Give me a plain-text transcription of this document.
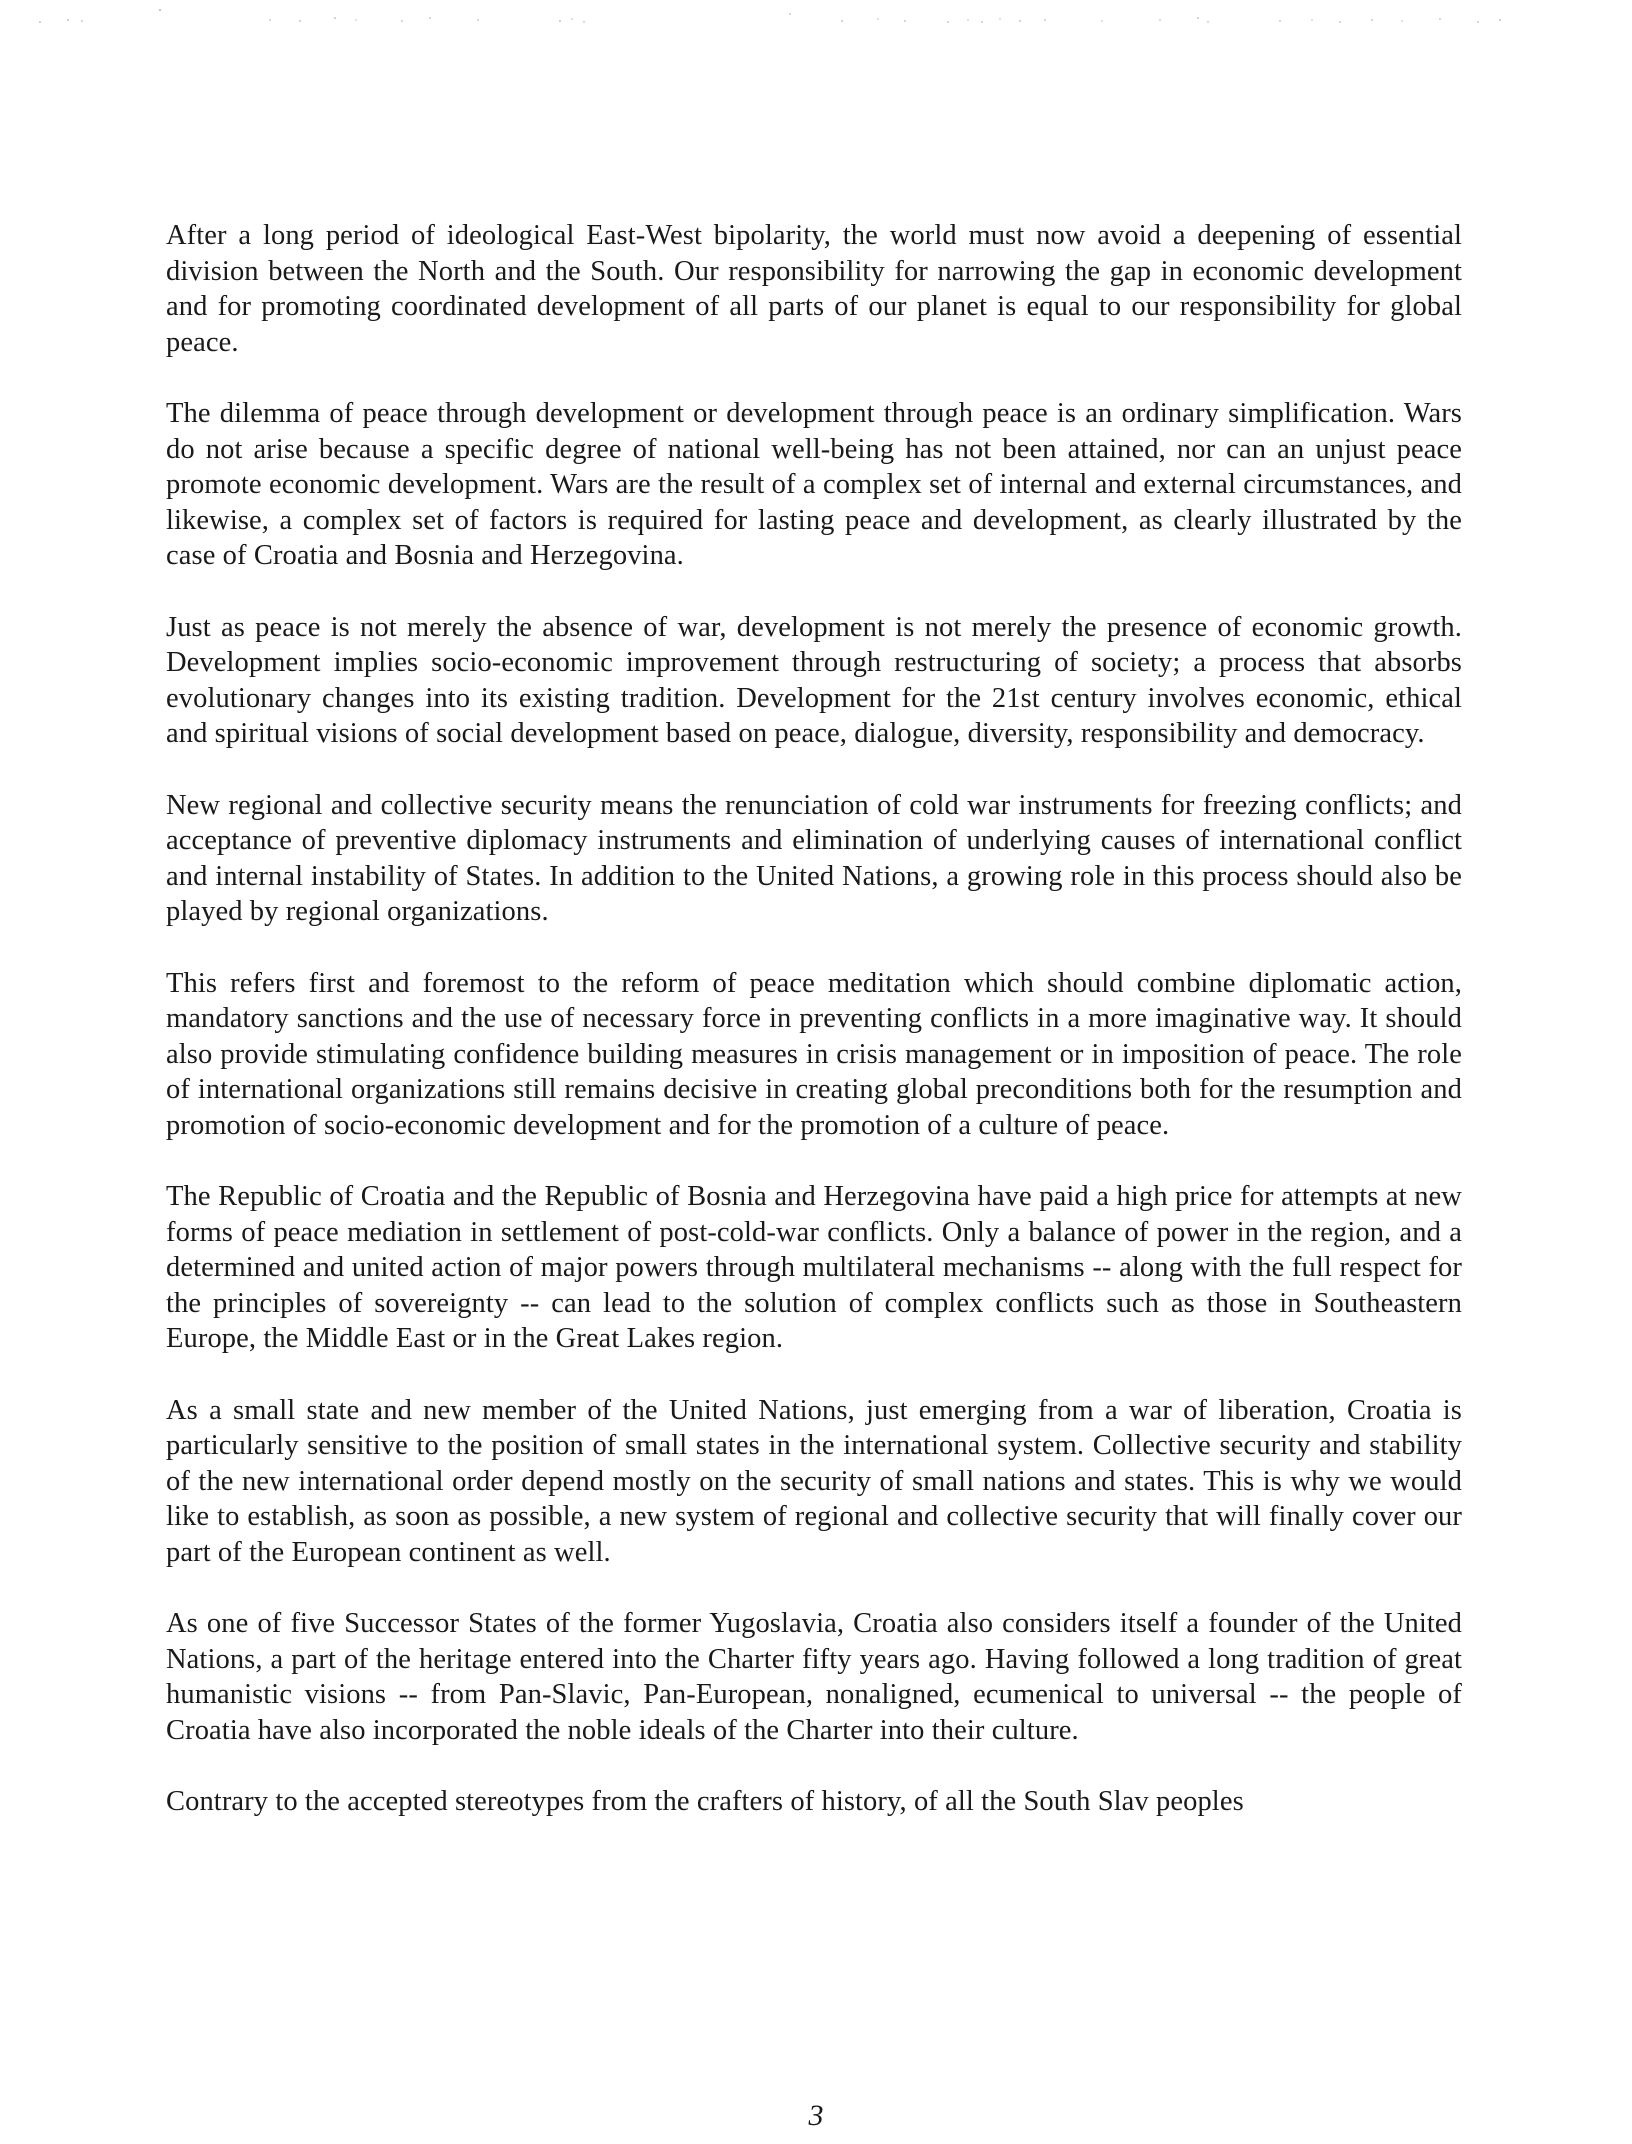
After a long period of ideological East-West bipolarity, the world must now avoid a deepening of essential division between the North and the South. Our responsibility for narrowing the gap in economic development and for promoting coordinated development of all parts of our planet is equal to our responsibility for global peace.

The dilemma of peace through development or development through peace is an ordinary simplification. Wars do not arise because a specific degree of national well-being has not been attained, nor can an unjust peace promote economic development. Wars are the result of a complex set of internal and external circumstances, and likewise, a complex set of factors is required for lasting peace and development, as clearly illustrated by the case of Croatia and Bosnia and Herzegovina.

Just as peace is not merely the absence of war, development is not merely the presence of economic growth. Development implies socio-economic improvement through restructuring of society; a process that absorbs evolutionary changes into its existing tradition. Development for the 21st century involves economic, ethical and spiritual visions of social development based on peace, dialogue, diversity, responsibility and democracy.

New regional and collective security means the renunciation of cold war instruments for freezing conflicts; and acceptance of preventive diplomacy instruments and elimination of underlying causes of international conflict and internal instability of States. In addition to the United Nations, a growing role in this process should also be played by regional organizations.

This refers first and foremost to the reform of peace meditation which should combine diplomatic action, mandatory sanctions and the use of necessary force in preventing conflicts in a more imaginative way. It should also provide stimulating confidence building measures in crisis management or in imposition of peace. The role of international organizations still remains decisive in creating global preconditions both for the resumption and promotion of socio-economic development and for the promotion of a culture of peace.

The Republic of Croatia and the Republic of Bosnia and Herzegovina have paid a high price for attempts at new forms of peace mediation in settlement of post-cold-war conflicts. Only a balance of power in the region, and a determined and united action of major powers through multilateral mechanisms -- along with the full respect for the principles of sovereignty -- can lead to the solution of complex conflicts such as those in Southeastern Europe, the Middle East or in the Great Lakes region.

As a small state and new member of the United Nations, just emerging from a war of liberation, Croatia is particularly sensitive to the position of small states in the international system. Collective security and stability of the new international order depend mostly on the security of small nations and states. This is why we would like to establish, as soon as possible, a new system of regional and collective security that will finally cover our part of the European continent as well.

As one of five Successor States of the former Yugoslavia, Croatia also considers itself a founder of the United Nations, a part of the heritage entered into the Charter fifty years ago. Having followed a long tradition of great humanistic visions -- from Pan-Slavic, Pan-European, nonaligned, ecumenical to universal -- the people of Croatia have also incorporated the noble ideals of the Charter into their culture.

Contrary to the accepted stereotypes from the crafters of history, of all the South Slav peoples

3
